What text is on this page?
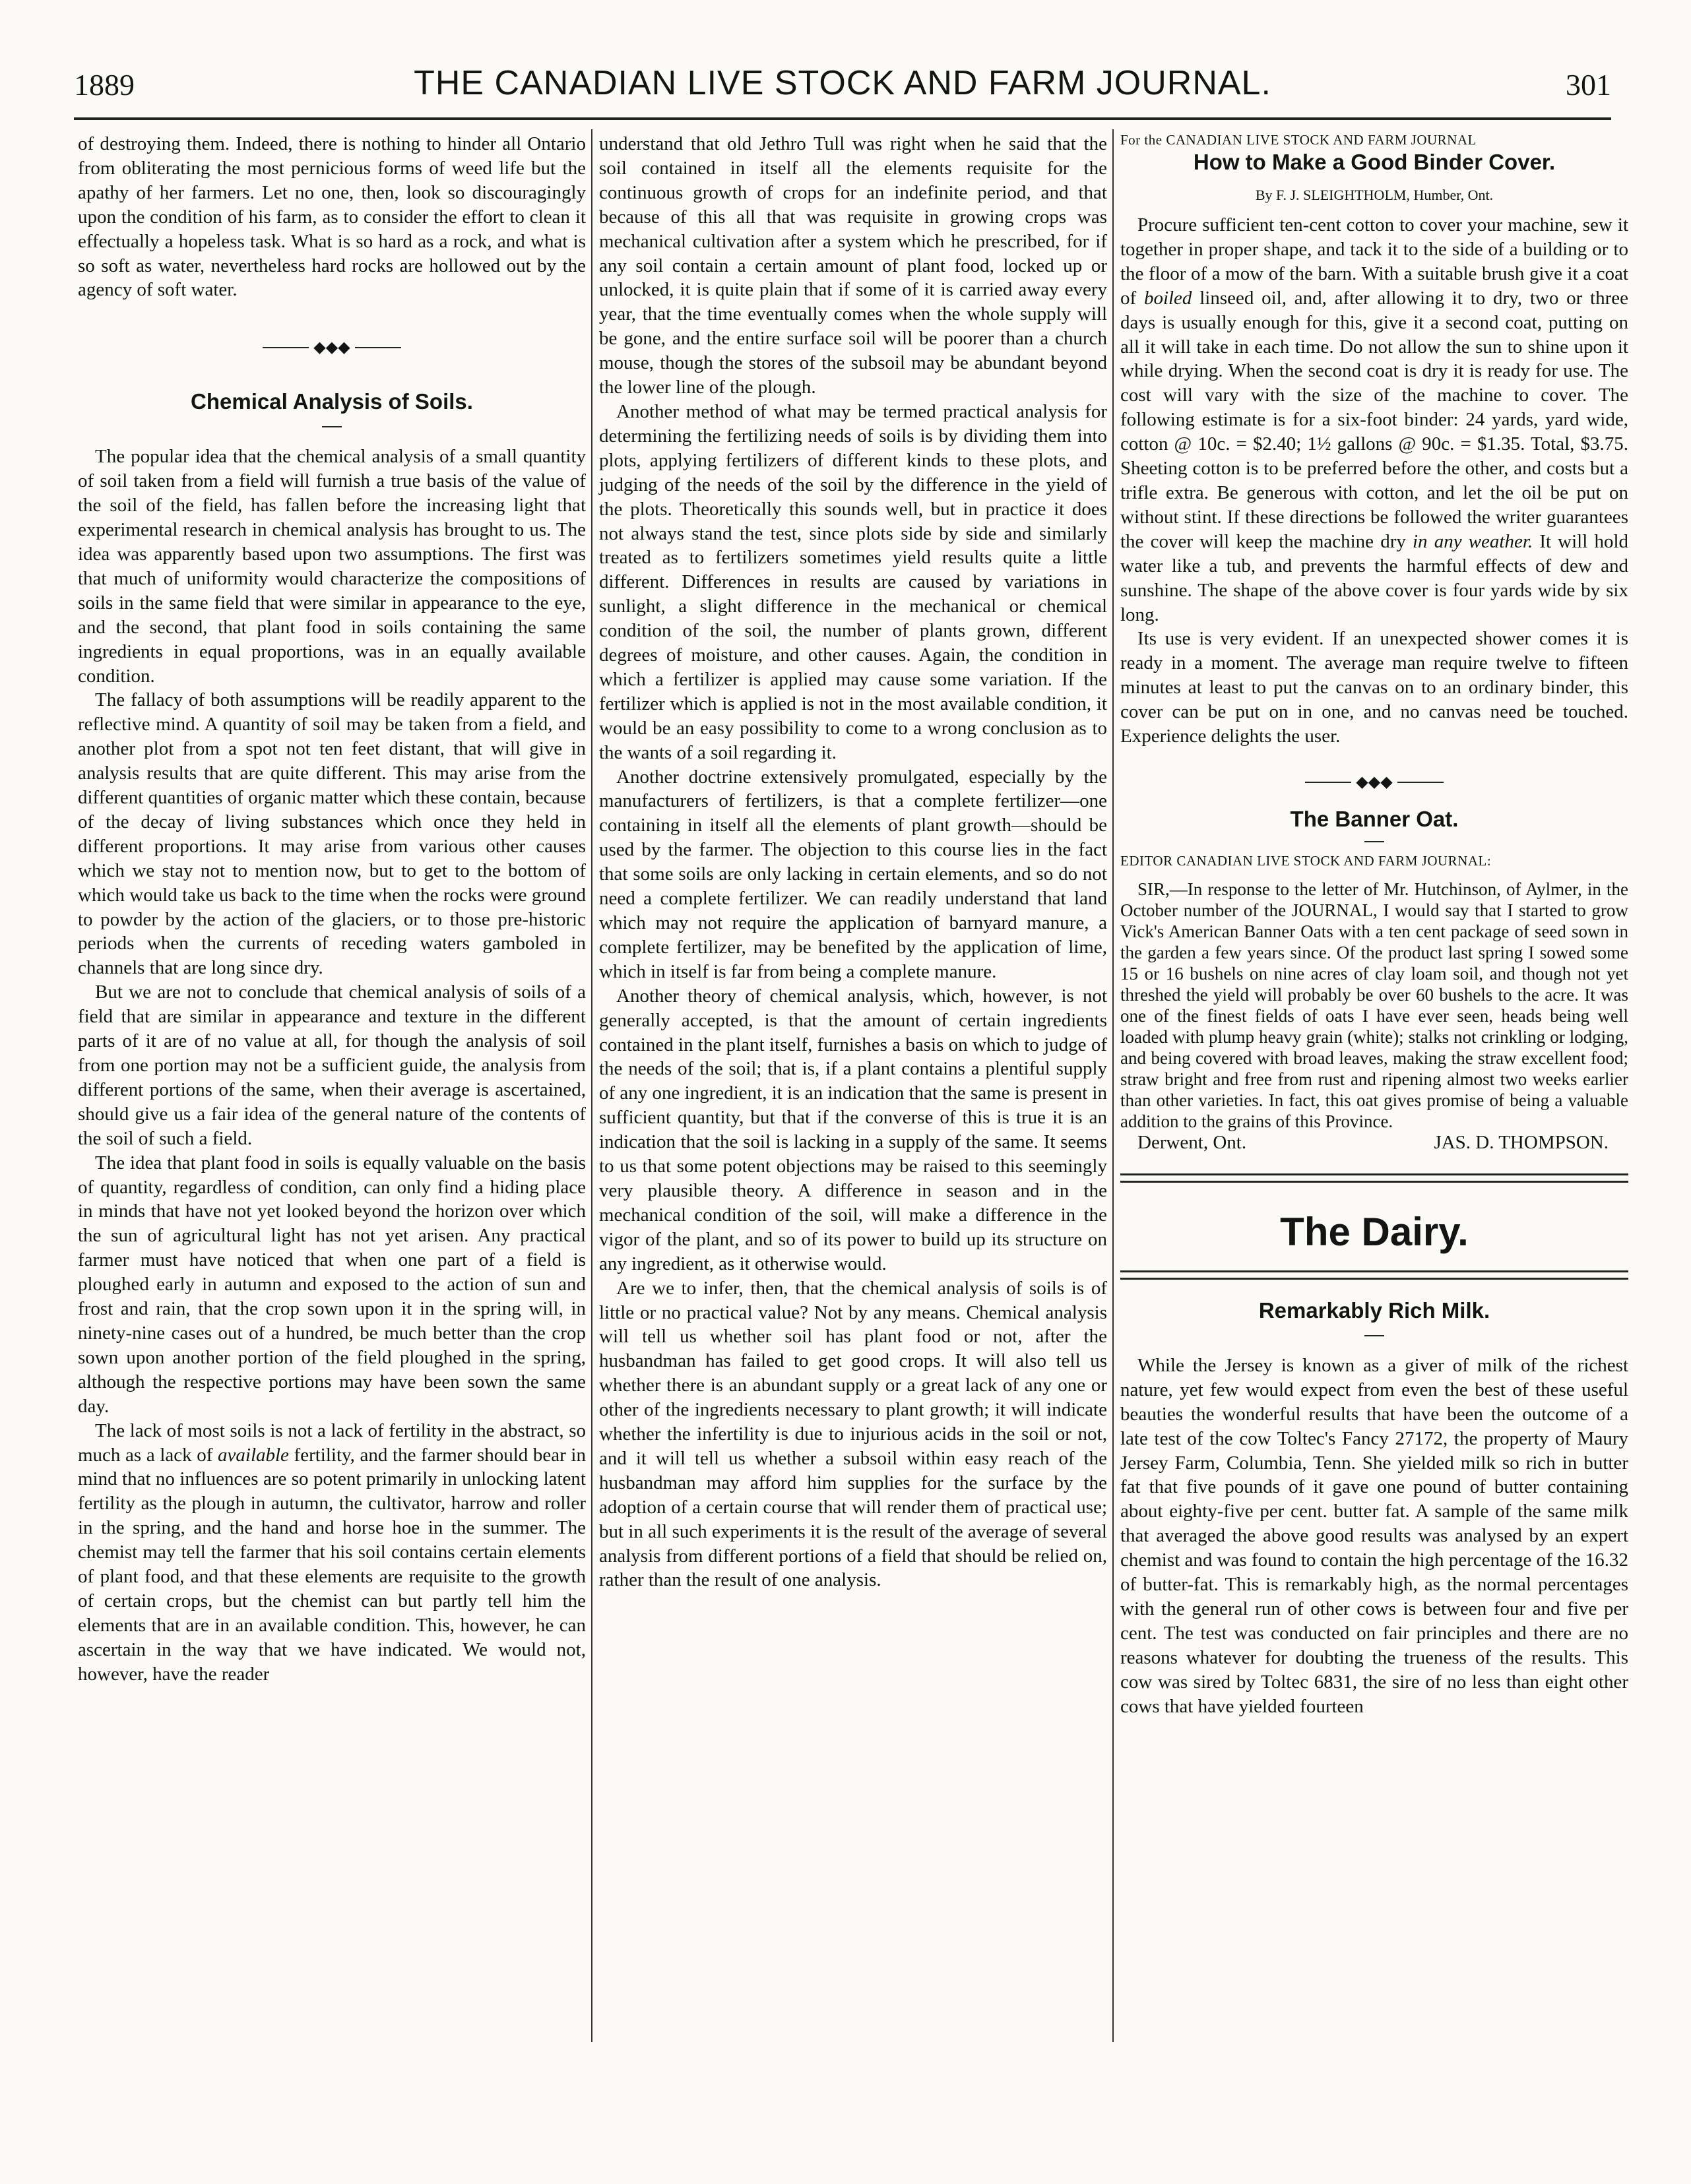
1889	THE CANADIAN LIVE STOCK AND FARM JOURNAL.	301

of destroying them. Indeed, there is nothing to hinder all Ontario from obliterating the most pernicious forms of weed life but the apathy of her farmers. Let no one, then, look so discouragingly upon the condition of his farm, as to consider the effort to clean it effectually a hopeless task. What is so hard as a rock, and what is so soft as water, nevertheless hard rocks are hollowed out by the agency of soft water.

◆◆◆
Chemical Analysis of Soils.

The popular idea that the chemical analysis of a small quantity of soil taken from a field will furnish a true basis of the value of the soil of the field, has fallen before the increasing light that experimental research in chemical analysis has brought to us. The idea was apparently based upon two assumptions. The first was that much of uniformity would characterize the compositions of soils in the same field that were similar in appearance to the eye, and the second, that plant food in soils containing the same ingredients in equal proportions, was in an equally available condition.

The fallacy of both assumptions will be readily apparent to the reflective mind. A quantity of soil may be taken from a field, and another plot from a spot not ten feet distant, that will give in analysis results that are quite different. This may arise from the different quantities of organic matter which these contain, because of the decay of living substances which once they held in different proportions. It may arise from various other causes which we stay not to mention now, but to get to the bottom of which would take us back to the time when the rocks were ground to powder by the action of the glaciers, or to those pre-historic periods when the currents of receding waters gamboled in channels that are long since dry.

But we are not to conclude that chemical analysis of soils of a field that are similar in appearance and texture in the different parts of it are of no value at all, for though the analysis of soil from one portion may not be a sufficient guide, the analysis from different portions of the same, when their average is ascertained, should give us a fair idea of the general nature of the contents of the soil of such a field.

The idea that plant food in soils is equally valuable on the basis of quantity, regardless of condition, can only find a hiding place in minds that have not yet looked beyond the horizon over which the sun of agricultural light has not yet arisen. Any practical farmer must have noticed that when one part of a field is ploughed early in autumn and exposed to the action of sun and frost and rain, that the crop sown upon it in the spring will, in ninety-nine cases out of a hundred, be much better than the crop sown upon another portion of the field ploughed in the spring, although the respective portions may have been sown the same day.

The lack of most soils is not a lack of fertility in the abstract, so much as a lack of available fertility, and the farmer should bear in mind that no influences are so potent primarily in unlocking latent fertility as the plough in autumn, the cultivator, harrow and roller in the spring, and the hand and horse hoe in the summer. The chemist may tell the farmer that his soil contains certain elements of plant food, and that these elements are requisite to the growth of certain crops, but the chemist can but partly tell him the elements that are in an available condition. This, however, he can ascertain in the way that we have indicated. We would not, however, have the reader

understand that old Jethro Tull was right when he said that the soil contained in itself all the elements requisite for the continuous growth of crops for an indefinite period, and that because of this all that was requisite in growing crops was mechanical cultivation after a system which he prescribed, for if any soil contain a certain amount of plant food, locked up or unlocked, it is quite plain that if some of it is carried away every year, that the time eventually comes when the whole supply will be gone, and the entire surface soil will be poorer than a church mouse, though the stores of the subsoil may be abundant beyond the lower line of the plough.

Another method of what may be termed practical analysis for determining the fertilizing needs of soils is by dividing them into plots, applying fertilizers of different kinds to these plots, and judging of the needs of the soil by the difference in the yield of the plots. Theoretically this sounds well, but in practice it does not always stand the test, since plots side by side and similarly treated as to fertilizers sometimes yield results quite a little different. Differences in results are caused by variations in sunlight, a slight difference in the mechanical or chemical condition of the soil, the number of plants grown, different degrees of moisture, and other causes. Again, the condition in which a fertilizer is applied may cause some variation. If the fertilizer which is applied is not in the most available condition, it would be an easy possibility to come to a wrong conclusion as to the wants of a soil regarding it.

Another doctrine extensively promulgated, especially by the manufacturers of fertilizers, is that a complete fertilizer—one containing in itself all the elements of plant growth—should be used by the farmer. The objection to this course lies in the fact that some soils are only lacking in certain elements, and so do not need a complete fertilizer. We can readily understand that land which may not require the application of barnyard manure, a complete fertilizer, may be benefited by the application of lime, which in itself is far from being a complete manure.

Another theory of chemical analysis, which, however, is not generally accepted, is that the amount of certain ingredients contained in the plant itself, furnishes a basis on which to judge of the needs of the soil; that is, if a plant contains a plentiful supply of any one ingredient, it is an indication that the same is present in sufficient quantity, but that if the converse of this is true it is an indication that the soil is lacking in a supply of the same. It seems to us that some potent objections may be raised to this seemingly very plausible theory. A difference in season and in the mechanical condition of the soil, will make a difference in the vigor of the plant, and so of its power to build up its structure on any ingredient, as it otherwise would.

Are we to infer, then, that the chemical analysis of soils is of little or no practical value? Not by any means. Chemical analysis will tell us whether soil has plant food or not, after the husbandman has failed to get good crops. It will also tell us whether there is an abundant supply or a great lack of any one or other of the ingredients necessary to plant growth; it will indicate whether the infertility is due to injurious acids in the soil or not, and it will tell us whether a subsoil within easy reach of the husbandman may afford him supplies for the surface by the adoption of a certain course that will render them of practical use; but in all such experiments it is the result of the average of several analysis from different portions of a field that should be relied on, rather than the result of one analysis.

For the CANADIAN LIVE STOCK AND FARM JOURNAL
How to Make a Good Binder Cover.
By F. J. SLEIGHTHOLM, Humber, Ont.

Procure sufficient ten-cent cotton to cover your machine, sew it together in proper shape, and tack it to the side of a building or to the floor of a mow of the barn. With a suitable brush give it a coat of boiled linseed oil, and, after allowing it to dry, two or three days is usually enough for this, give it a second coat, putting on all it will take in each time. Do not allow the sun to shine upon it while drying. When the second coat is dry it is ready for use. The cost will vary with the size of the machine to cover. The following estimate is for a six-foot binder: 24 yards, yard wide, cotton @ 10c. = $2.40; 1½ gallons @ 90c. = $1.35. Total, $3.75. Sheeting cotton is to be preferred before the other, and costs but a trifle extra. Be generous with cotton, and let the oil be put on without stint. If these directions be followed the writer guarantees the cover will keep the machine dry in any weather. It will hold water like a tub, and prevents the harmful effects of dew and sunshine. The shape of the above cover is four yards wide by six long.

Its use is very evident. If an unexpected shower comes it is ready in a moment. The average man require twelve to fifteen minutes at least to put the canvas on to an ordinary binder, this cover can be put on in one, and no canvas need be touched. Experience delights the user.

◆◆◆
The Banner Oat.
EDITOR CANADIAN LIVE STOCK AND FARM JOURNAL:

SIR,—In response to the letter of Mr. Hutchinson, of Aylmer, in the October number of the JOURNAL, I would say that I started to grow Vick's American Banner Oats with a ten cent package of seed sown in the garden a few years since. Of the product last spring I sowed some 15 or 16 bushels on nine acres of clay loam soil, and though not yet threshed the yield will probably be over 60 bushels to the acre. It was one of the finest fields of oats I have ever seen, heads being well loaded with plump heavy grain (white); stalks not crinkling or lodging, and being covered with broad leaves, making the straw excellent food; straw bright and free from rust and ripening almost two weeks earlier than other varieties. In fact, this oat gives promise of being a valuable addition to the grains of this Province.

Derwent, Ont.	JAS. D. THOMPSON.
The Dairy.
Remarkably Rich Milk.

While the Jersey is known as a giver of milk of the richest nature, yet few would expect from even the best of these useful beauties the wonderful results that have been the outcome of a late test of the cow Toltec's Fancy 27172, the property of Maury Jersey Farm, Columbia, Tenn. She yielded milk so rich in butter fat that five pounds of it gave one pound of butter containing about eighty-five per cent. butter fat. A sample of the same milk that averaged the above good results was analysed by an expert chemist and was found to contain the high percentage of the 16.32 of butter-fat. This is remarkably high, as the normal percentages with the general run of other cows is between four and five per cent. The test was conducted on fair principles and there are no reasons whatever for doubting the trueness of the results. This cow was sired by Toltec 6831, the sire of no less than eight other cows that have yielded fourteen
